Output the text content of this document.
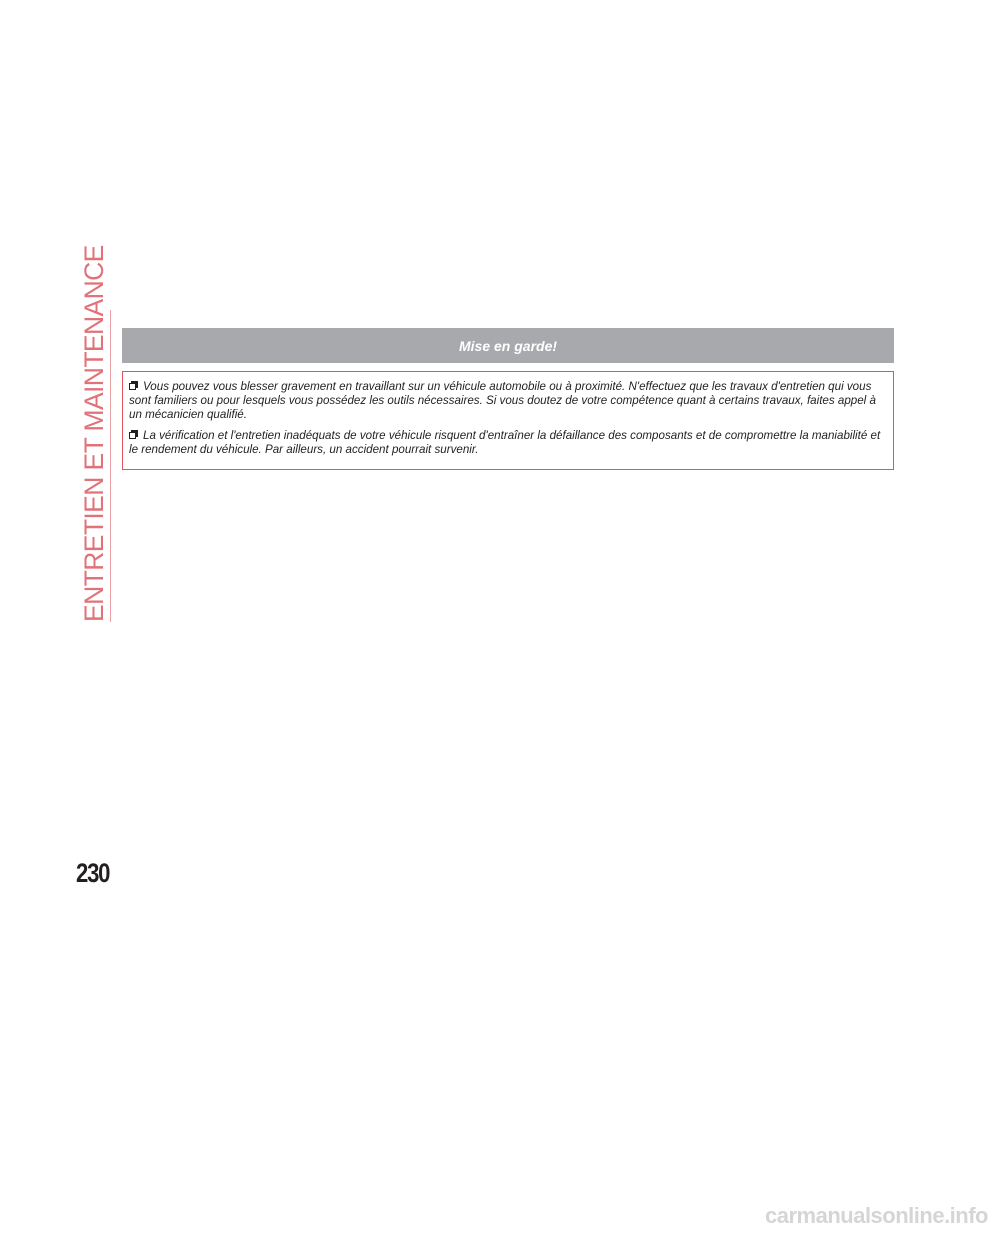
ENTRETIEN ET MAINTENANCE	Mise en garde!

Vous pouvez vous blesser gravement en travaillant sur un véhicule automobile ou à proximité. N'effectuez que les travaux d'entretien qui vous sont familiers ou pour lesquels vous possédez les outils nécessaires. Si vous doutez de votre compétence quant à certains travaux, faites appel à un mécanicien qualifié.

La vérification et l'entretien inadéquats de votre véhicule risquent d'entraîner la défaillance des composants et de compromettre la maniabilité et le rendement du véhicule. Par ailleurs, un accident pourrait survenir.

230
carmanualsonline.info
